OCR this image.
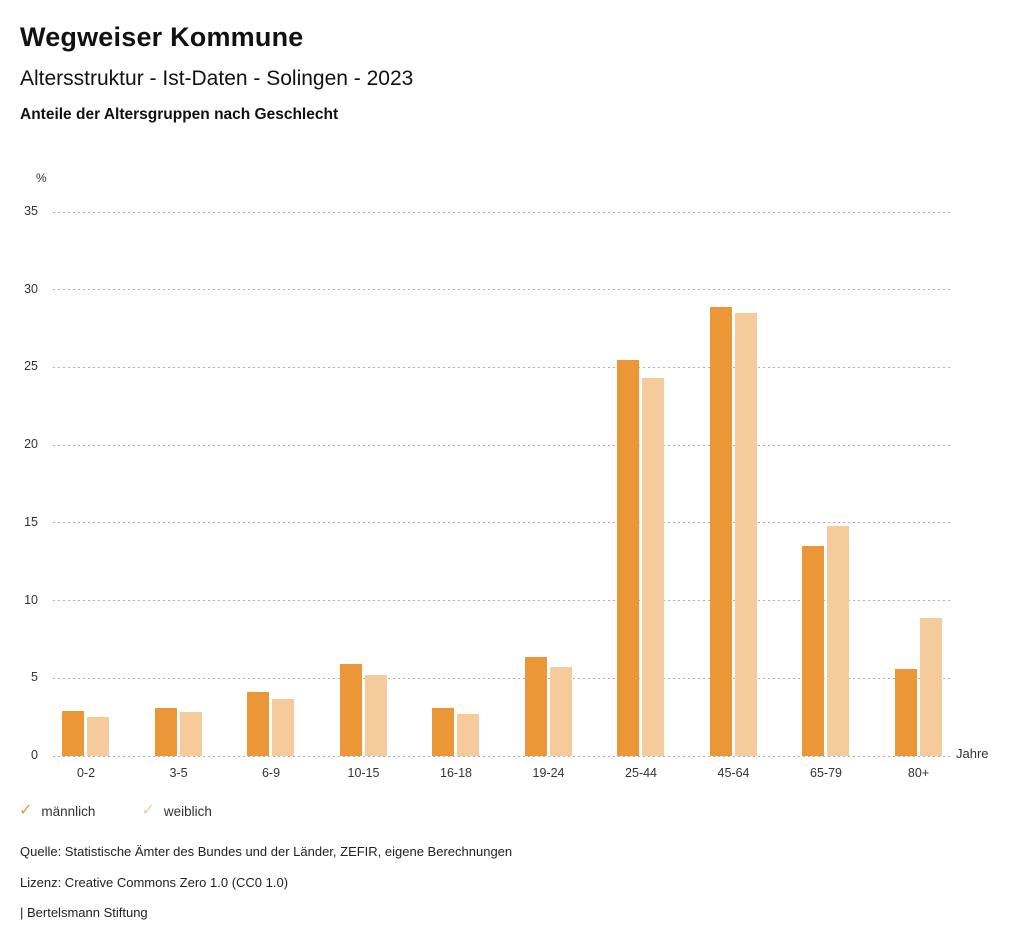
Wegweiser Kommune
Altersstruktur - Ist-Daten - Solingen - 2023
Anteile der Altersgruppen nach Geschlecht
%
0
5
10
15
20
25
30
35
0-2	3-5	6-9	10-15	16-18	19-24	25-44	45-64	65-79	80+
Jahre
✓ männlich	✓ weiblich
Quelle: Statistische Ämter des Bundes und der Länder, ZEFIR, eigene Berechnungen
Lizenz: Creative Commons Zero 1.0 (CC0 1.0)
| Bertelsmann Stiftung
